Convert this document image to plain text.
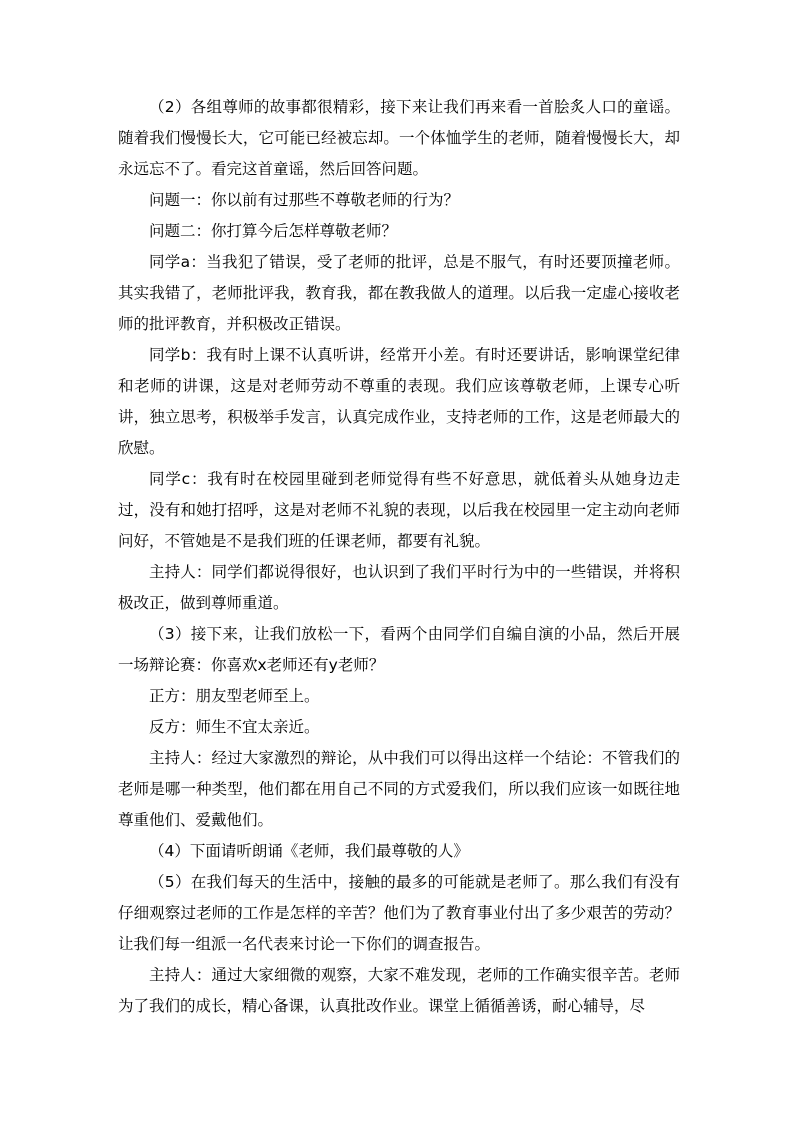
（2）各组尊师的故事都很精彩，接下来让我们再来看一首脍炙人口的童谣。随着我们慢慢长大，它可能已经被忘却。一个体恤学生的老师，随着慢慢长大，却永远忘不了。看完这首童谣，然后回答问题。

问题一：你以前有过那些不尊敬老师的行为？

问题二：你打算今后怎样尊敬老师？

同学a：当我犯了错误，受了老师的批评，总是不服气，有时还要顶撞老师。其实我错了，老师批评我，教育我，都在教我做人的道理。以后我一定虚心接收老师的批评教育，并积极改正错误。

同学b：我有时上课不认真听讲，经常开小差。有时还要讲话，影响课堂纪律和老师的讲课，这是对老师劳动不尊重的表现。我们应该尊敬老师，上课专心听讲，独立思考，积极举手发言，认真完成作业，支持老师的工作，这是老师最大的欣慰。

同学c：我有时在校园里碰到老师觉得有些不好意思，就低着头从她身边走过，没有和她打招呼，这是对老师不礼貌的表现，以后我在校园里一定主动向老师问好，不管她是不是我们班的任课老师，都要有礼貌。

主持人：同学们都说得很好，也认识到了我们平时行为中的一些错误，并将积极改正，做到尊师重道。

（3）接下来，让我们放松一下，看两个由同学们自编自演的小品，然后开展一场辩论赛：你喜欢x老师还有y老师？

正方：朋友型老师至上。

反方：师生不宜太亲近。

主持人：经过大家激烈的辩论，从中我们可以得出这样一个结论：不管我们的老师是哪一种类型，他们都在用自己不同的方式爱我们，所以我们应该一如既往地尊重他们、爱戴他们。

（4）下面请听朗诵《老师，我们最尊敬的人》

（5）在我们每天的生活中，接触的最多的可能就是老师了。那么我们有没有仔细观察过老师的工作是怎样的辛苦？他们为了教育事业付出了多少艰苦的劳动？让我们每一组派一名代表来讨论一下你们的调查报告。

主持人：通过大家细微的观察，大家不难发现，老师的工作确实很辛苦。老师为了我们的成长，精心备课，认真批改作业。课堂上循循善诱，耐心辅导，尽
